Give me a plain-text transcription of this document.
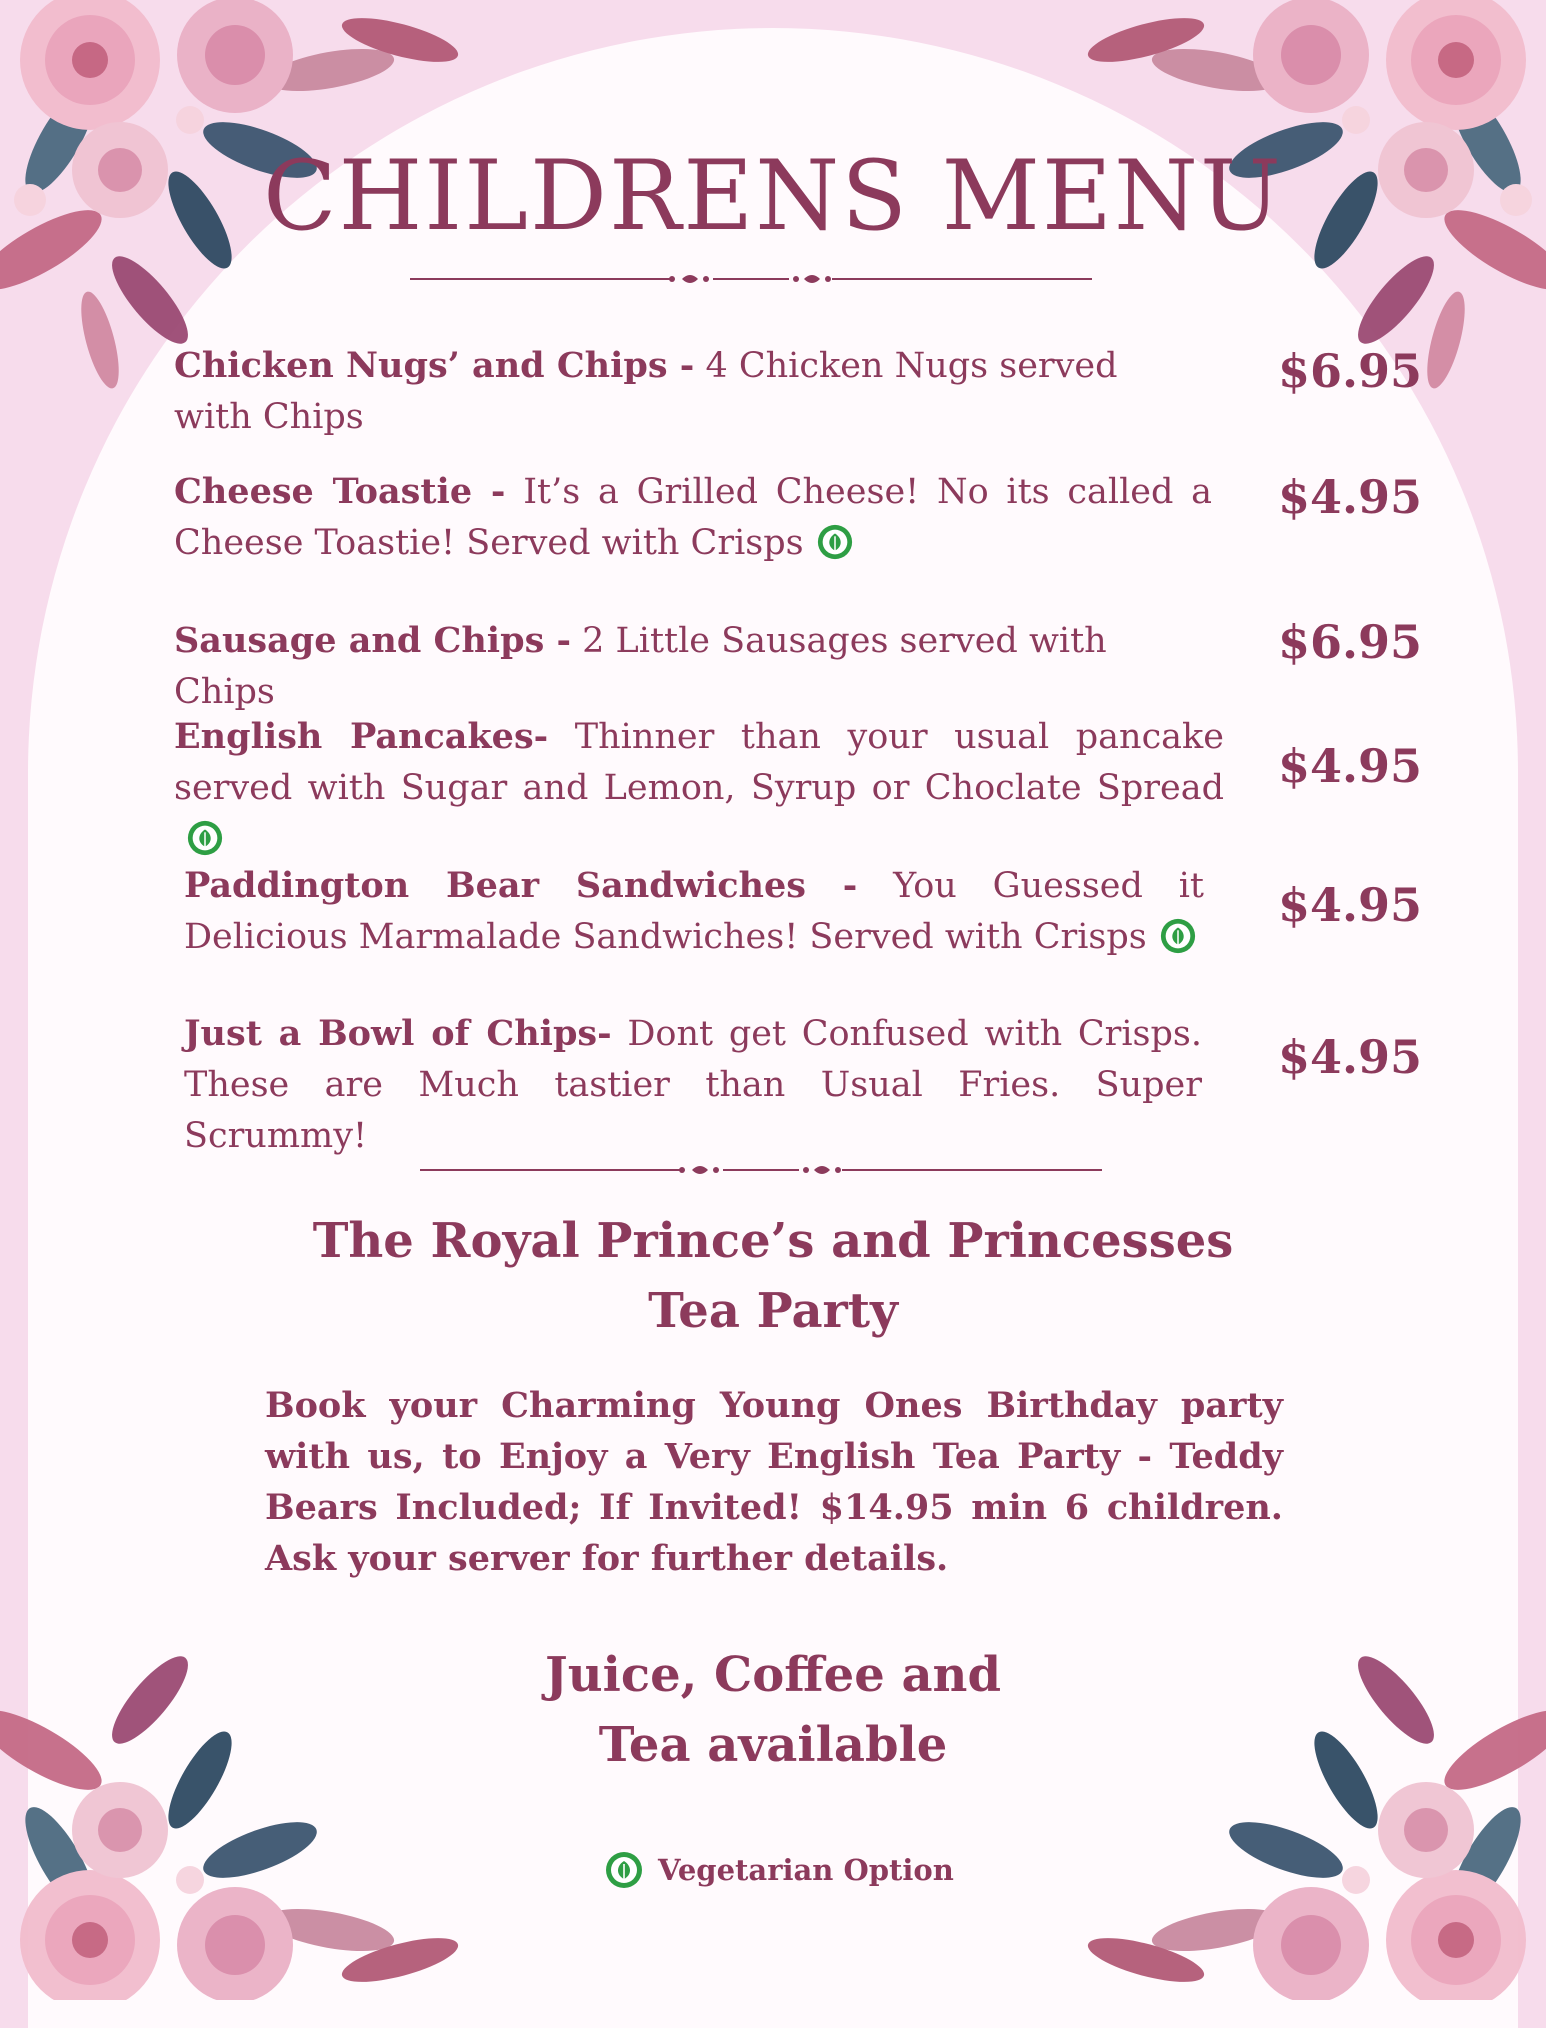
CHILDRENS MENU
Chicken Nugs’ and Chips - 4 Chicken Nugs served with Chips
$6.95
Cheese Toastie - It’s a Grilled Cheese! No its called a Cheese Toastie! Served with Crisps
$4.95
Sausage and Chips - 2 Little Sausages served with Chips
$6.95
English Pancakes- Thinner than your usual pancake served with Sugar and Lemon, Syrup or Choclate Spread $4.95
Paddington Bear Sandwiches - You Guessed it Delicious Marmalade Sandwiches! Served with Crisps
$4.95
Just a Bowl of Chips- Dont get Confused with Crisps. These are Much tastier than Usual Fries. Super Scrummy!
$4.95
The Royal Prince’s and Princesses
Tea Party
Book your Charming Young Ones Birthday party with us, to Enjoy a Very English Tea Party - Teddy Bears Included; If Invited! $14.95 min 6 children. Ask your server for further details.
Juice, Coffee and
Tea available
Vegetarian Option
